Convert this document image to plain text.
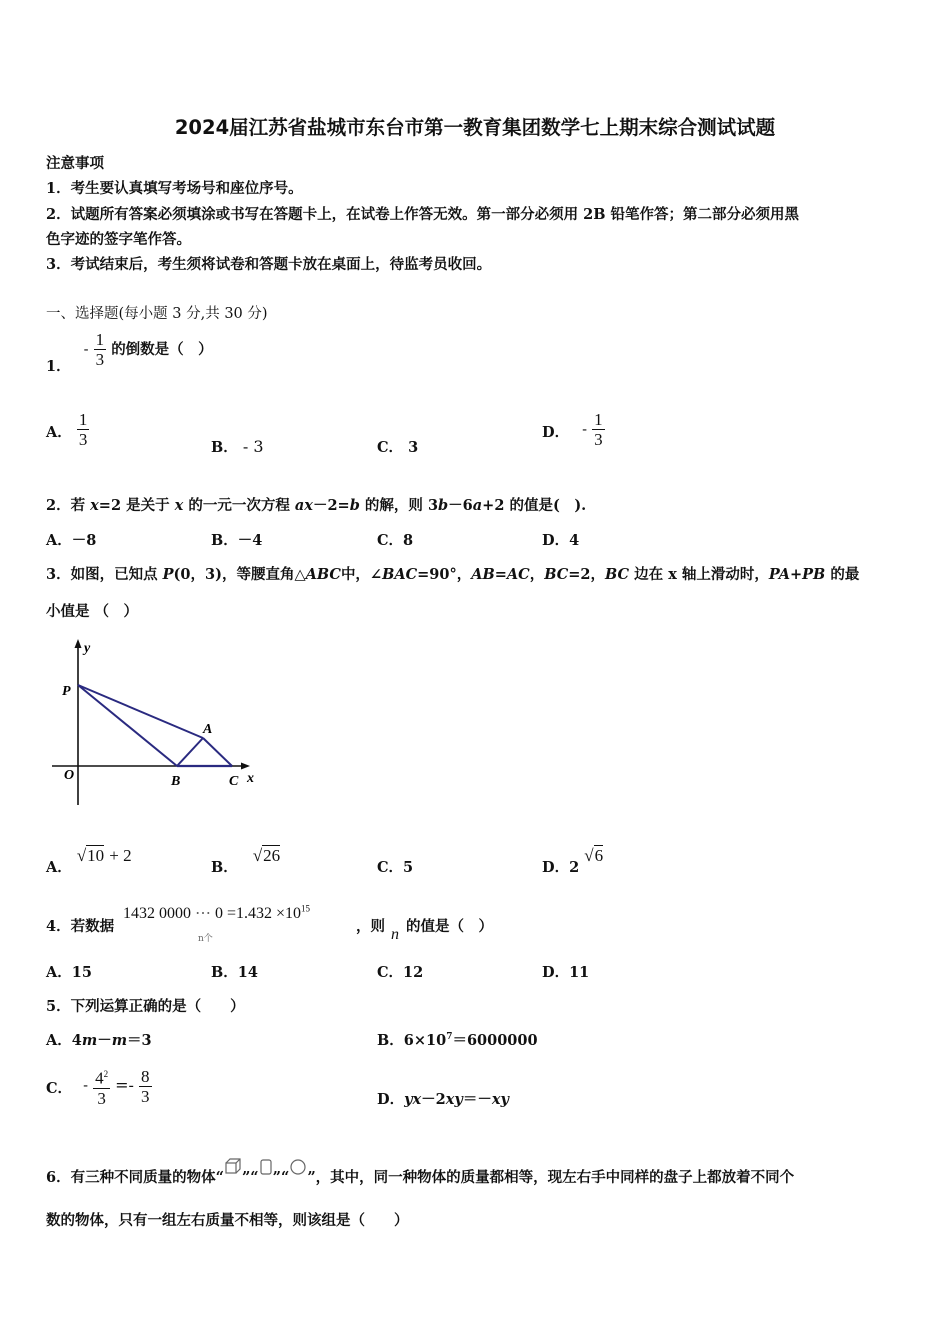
2024届江苏省盐城市东台市第一教育集团数学七上期末综合测试试题
注意事项
1．考生要认真填写考场号和座位序号。
2．试题所有答案必须填涂或书写在答题卡上，在试卷上作答无效。第一部分必须用 2B 铅笔作答；第二部分必须用黑
色字迹的签字笔作答。
3．考试结束后，考生须将试卷和答题卡放在桌面上，待监考员收回。
一、选择题(每小题 3 分,共 30 分)
1． - $\frac{1}{3}$ 的倒数是（　）
A． $\frac{1}{3}$	B． - 3	C． 3
D． - $\frac{1}{3}$
2．若 x=2 是关于 x 的一元一次方程 ax－2=b 的解，则 3b－6a+2 的值是(　).
A．－8	B．－4	C．8	D．4
3．如图，已知点 P(0，3)，等腰直角△ABC中，∠BAC=90°，AB=AC，BC=2，BC 边在 x 轴上滑动时，PA+PB 的最
小值是 （　）
y
P
A
O	B	C x
A． √10 + 2
B． √26
C．5	D．2 √6
4．若数据
1432 0000 ⋯ $0 =1.432 \times 10^{15}$
n个
，则 n 的值是（　）
A．15	B．14	C．12	D．11
5．下列运算正确的是（　　）
A．4m－m＝3	B．$6\times 10^7=6000000$
C． - $\frac{4^2}{3} =- \frac{8}{3}$	D．yx－2xy＝－xy
6．有三种不同质量的物体“ ”“ ”“ ”，其中，同一种物体的质量都相等，现左右手中同样的盘子上都放着不同个
数的物体，只有一组左右质量不相等，则该组是（　　）
